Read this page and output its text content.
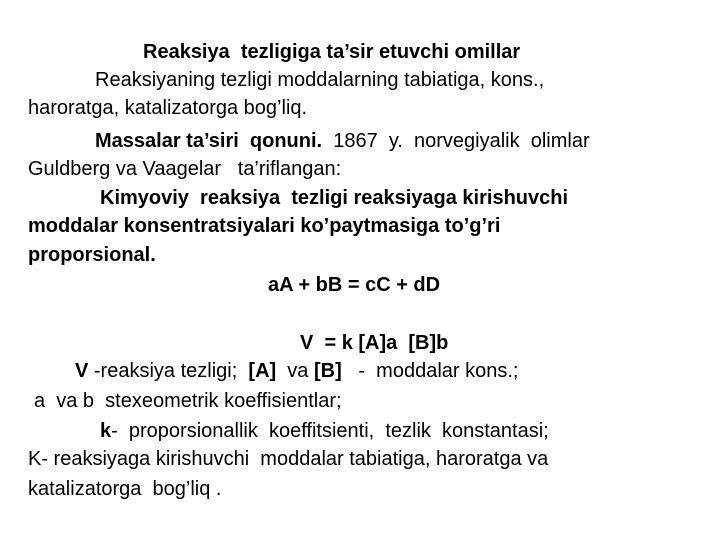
Reaksiya  tezligiga ta’sir etuvchi omillar
Reaksiyaning tezligi moddalarning tabiatiga, kons.,
haroratga, katalizatorga bog’liq.
Massalar ta’siri  qonuni.  1867  y.  norvegiyalik  olimlar
Guldberg va Vaagelar   ta’riflangan:
Kimyoviy  reaksiya  tezligi reaksiyaga kirishuvchi
moddalar konsentratsiyalari ko’paytmasiga to’g’ri
proporsional.
aA + bB = cC + dD
V  = k [A]a  [B]b
V -reaksiya tezligi;  [A]  va [B]   -  moddalar kons.;
a  va b  stexeometrik koeffisientlar;
k-  proporsionallik  koeffitsienti,  tezlik  konstantasi;
K- reaksiyaga kirishuvchi  moddalar tabiatiga, haroratga va
katalizatorga  bog’liq .
